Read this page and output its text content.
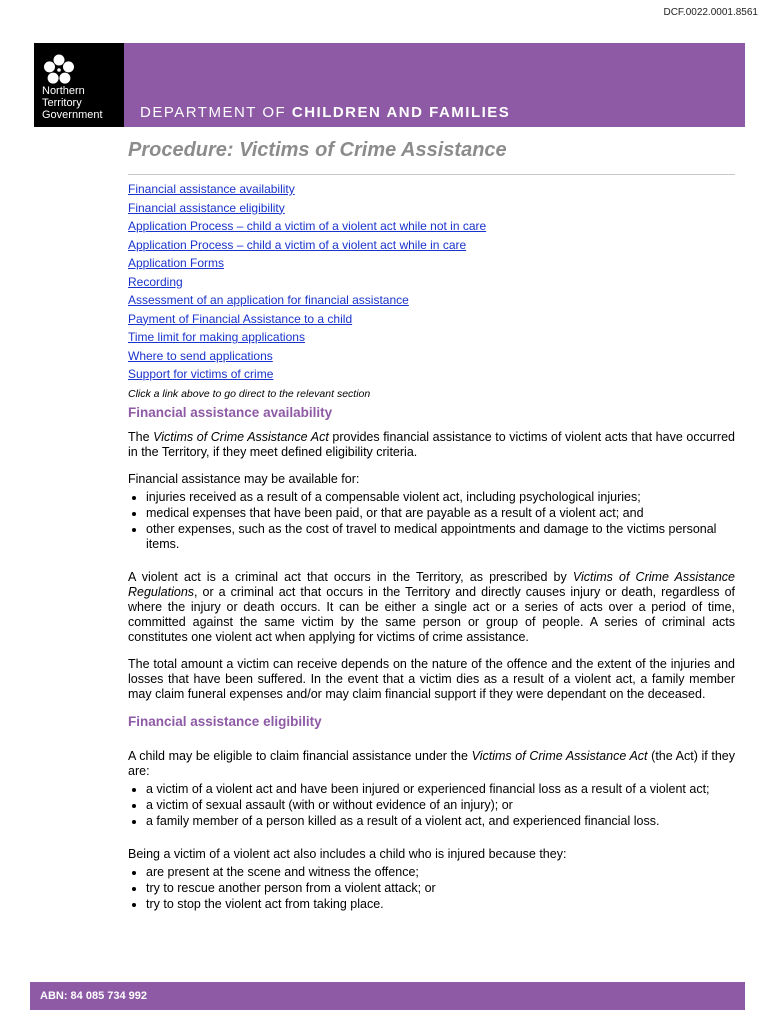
DCF.0022.0001.8561
Northern
Territory
Government DEPARTMENT OF CHILDREN AND FAMILIES
Procedure: Victims of Crime Assistance
Financial assistance availability
Financial assistance eligibility
Application Process – child a victim of a violent act while not in care
Application Process – child a victim of a violent act while in care
Application Forms
Recording
Assessment of an application for financial assistance
Payment of Financial Assistance to a child
Time limit for making applications
Where to send applications
Support for victims of crime
Click a link above to go direct to the relevant section
Financial assistance availability

The Victims of Crime Assistance Act provides financial assistance to victims of violent acts that have occurred in the Territory, if they meet defined eligibility criteria.

Financial assistance may be available for:

• injuries received as a result of a compensable violent act, including psychological injuries;
• medical expenses that have been paid, or that are payable as a result of a violent act; and
• other expenses, such as the cost of travel to medical appointments and damage to the victims personal items.

A violent act is a criminal act that occurs in the Territory, as prescribed by Victims of Crime Assistance Regulations, or a criminal act that occurs in the Territory and directly causes injury or death, regardless of where the injury or death occurs. It can be either a single act or a series of acts over a period of time, committed against the same victim by the same person or group of people. A series of criminal acts constitutes one violent act when applying for victims of crime assistance.

The total amount a victim can receive depends on the nature of the offence and the extent of the injuries and losses that have been suffered. In the event that a victim dies as a result of a violent act, a family member may claim funeral expenses and/or may claim financial support if they were dependant on the deceased.

Financial assistance eligibility

A child may be eligible to claim financial assistance under the Victims of Crime Assistance Act (the Act) if they are:

• a victim of a violent act and have been injured or experienced financial loss as a result of a violent act;
• a victim of sexual assault (with or without evidence of an injury); or
• a family member of a person killed as a result of a violent act, and experienced financial loss.

Being a victim of a violent act also includes a child who is injured because they:

• are present at the scene and witness the offence;
• try to rescue another person from a violent attack; or
• try to stop the violent act from taking place.
ABN: 84 085 734 992
